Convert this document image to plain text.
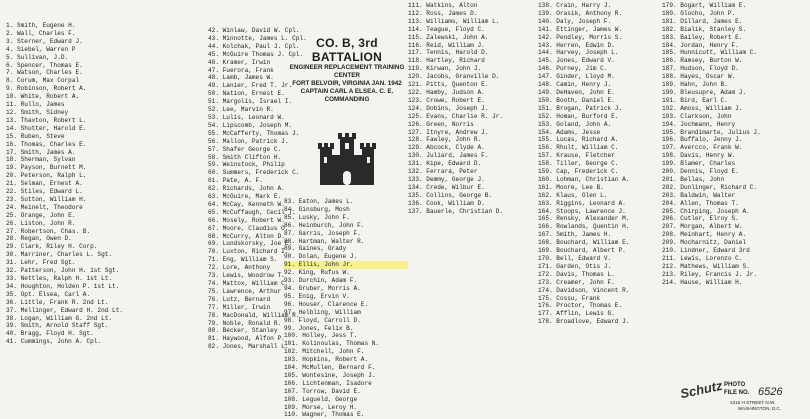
CO. B, 3rd BATTALION
ENGINEER REPLACEMENT TRAINING CENTER
FORT BELVOIR, VIRGINIA JAN. 1942
CAPTAIN CARL A ELSEA. C. E. COMMANDING
1. Smith, Eugene H.
2. Wall, Charles F.
3. Sterner, Edward J.
4. Siebel, Warren P
5. Sullivan, J.D.
6. Spencer, Thomas E.
7. Watson, Charles E.
8. Corum, Max Corpal
9. Robinson, Robert A.
10. White, Robert A.
11. Rullo, James
12. Smith, Sidney
13. Thaxton, Robert L.
14. Shutter, Harold E.
15. Ruben, Steve
16. Thomas, Charles E.
17. Smith, James A.
18. Sherman, Sylvan
19. Payson, Burnett M.
20. Peterson, Ralph L.
21. Selman, Ernest A.
22. Stiles, Edward L.
23. Sutton, William H.
24. Meinelt, Theodore
25. Orange, John E.
26. Liston, John R.
27. Robertson, Chas. B.
28. Regan, Owen D.
29. Clark, Riley H. Corp.
30. Marriner, Charles L. Sgt.
31. Lehr, Fred Sgt.
32. Patterson, John H. 1st Sgt.
33. Nettles, Ralph H. 1st Lt.
34. Houghton, Holden P. 1st Lt.
35. Opt. Elsea, Carl A.
36. Little, Frank R. 2nd Lt.
37. Mellinger, Edward H. 2nd Lt.
38. Logan, William G. 2nd Lt.
39. Smith, Arnold Staff Sgt.
40. Bragg, Floyd H. Sgt.
41. Cummings, John A. Cpl.
42. Winlaw, David W. Cpl.
43. Minnotte, James L. Cpl.
44. Kolchak, Paul J. Cpl.
45. McGuire Thomas J. Cpl.
46. Kramer, Irwin
47. Fuerora, Frank
48. Lamb, James W.
49. Lanier, Fred T. Jr.
50. Nation, Ernest E.
51. Margolis, Israel I.
52. Lee, Marvin R.
53. Lulis, Leonard W.
54. Lipscomb, Joseph M.
55. McCafferty, Thomas J.
56. Mallon, Patrick J.
57. Shafer George C.
58. Smith Clifton H.
59. Weinstock, Philip
60. Summers, Frederick C.
61. Pate, A. F.
62. Richards, John A.
63. McGuire, Mark E.
64. McCay, Kenneth W.
65. McCuffaugh, Cecil T.
66. Mosely, Robert W.
67. Moore, Claudius O.
68. McCurry, Alton D.
69. Lundskorsky, Joe E.
70. Luxton, Richard I.
71. Eng, William S.
72. Lore, Anthony
73. Lewis, Woodrow T.
74. Mattox, William C.
75. Lawrence, Arthur
76. Lutz, Bernard
77. Miller, Irwin
78. MacDonald, William R.
79. Noble, Ronald R.
80. Becker, Stanley
81. Haywood, Alfon P.
82. Jones, Marshall L.
83. Eaton, James L.
84. Ginsburg, Mosh
85. Lusky, John F.
86. Heinburch, John F.
87. Garris, Joseph F.
88. Hartman, Walter R.
89. Gaines, Grady
90. Dolan, Eugene J.
91. Ellis, John Jr.
92. King, Rufus W.
93. Durchin, Adam F.
94. Gruber, Morris A.
95. Enig, Ervin V.
96. Houser, Clarence E.
97. Helbling, William
98. Floyd, Carroll D.
99. Jones, Felix B.
100. Holley, Jess T.
101. Kolinoulas, Thomas N.
102. Mitchell, John F.
103. Hopkins, Robert A.
104. McMullen, Bernard F.
105. Wontesine, Joseph J.
106. Lichtenman, Isadore
107. Torrow, David E.
108. Legueld, George
109. Morse, Leroy H.
110. Wagner, Thomas E.
111. Watkins, Alton
112. Ross, James D.
113. Williams, William L.
114. Teague, Floyd C.
115. Zalewski, John A.
116. Reid, William J.
117. Tennis, Harold D.
118. Hartley, Richard
119. Kirwan, John J.
120. Jacobs, Granville D.
121. Pitts, Quenton E.
122. Hamby, Judson A.
123. Crowe, Robert E.
124. Dobins, Joseph J.
125. Evans, Charlie R. Jr.
126. Green, Norris
127. Itnyre, Andrew J.
128. Fawley, John R.
129. Abcock, Clyde A.
130. Juliard, James F.
131. Kipe, Edward D.
132. Ferrara, Peter
133. Demmy, George J.
134. Crede, Wilbur E.
135. Collins, George B.
136. Cook, William D.
137. Bauerle, Christian D.
138. Crain, Harry J.
139. Orasik, Anthony R.
140. Daly, Joseph F.
141. Ettinger, James W.
142. Pendley, Morris S.
143. Herren, Edwin D.
144. Harvey, Joseph L.
145. Jones, Edward V.
146. Purney, Jim C.
147. Ginder, Lloyd M.
148. Camin, Henry J.
149. DeHaven, John E.
150. Booth, Daniel E.
151. Brogan, Patrick J.
152. Homan, Burford E.
153. Goland, John A.
154. Adams, Jesse
155. Lucas, Richard A.
156. Rhult, William C.
157. Krause, Fletcher
158. Tiller, George C.
159. Cap, Frederick C.
160. Lohman, Christian A.
161. Moore, Lee B.
162. Klaus, Glen L.
163. Riggins, Leonard A.
164. Stoops, Lawrence J.
165. Rensky, Alexander M.
166. Rowlands, Quentin H.
167. Smith, James H.
168. Bouchard, William E.
169. Bouchard, Albert P.
170. Bell, Edward V.
171. Garden, Otis J.
172. Davis, Thomas L.
173. Creamer, John F.
174. Davidson, Vincent R.
175. Cossu, Frank
176. Proctor, Thomas E.
177. Afflin, Lewis G.
178. Broadlove, Edward J.
179. Bogart, William E.
180. Glocho, John P.
181. Dillard, James E.
182. Bialik, Stanley S.
183. Bailey, Robert E.
184. Jordan, Henry F.
185. Hunnicutt, William C.
186. Ramsey, Burton W.
187. Hudson, Floyd D.
188. Hayes, Oscar W.
189. Hahn, John B.
190. Bleusupre, Adam J.
191. Bird, Earl C.
192. Amoss, William J.
193. Clarkson, John
194. Jochmann, Henry
195. Brandimarte, Julius J.
196. Buffalo, Jenny J.
197. Avercco, Frank W.
198. Davis, Henry W.
199. Blamer, Charles
200. Dennis, Floyd E.
201. Bellas, John
202. Dunlinger, Richard C.
203. Baldwin, Walter
204. Allen, Thomas T.
205. Chirping, Joseph A.
206. Cutler, Elroy S.
207. Morgan, Albert W.
208. Meinhart, Henry A.
209. Mocharnitz, Daniel
210. Lindner, Edward 3rd
211. Lewis, Lorenzo C.
212. Mathews, William S.
213. Riley, Francis J. Jr.
214. Hause, William H.
Schutz PHOTO
FILE NO. 6526
1315 H STREET N.W.
WASHINGTON, D.C.
